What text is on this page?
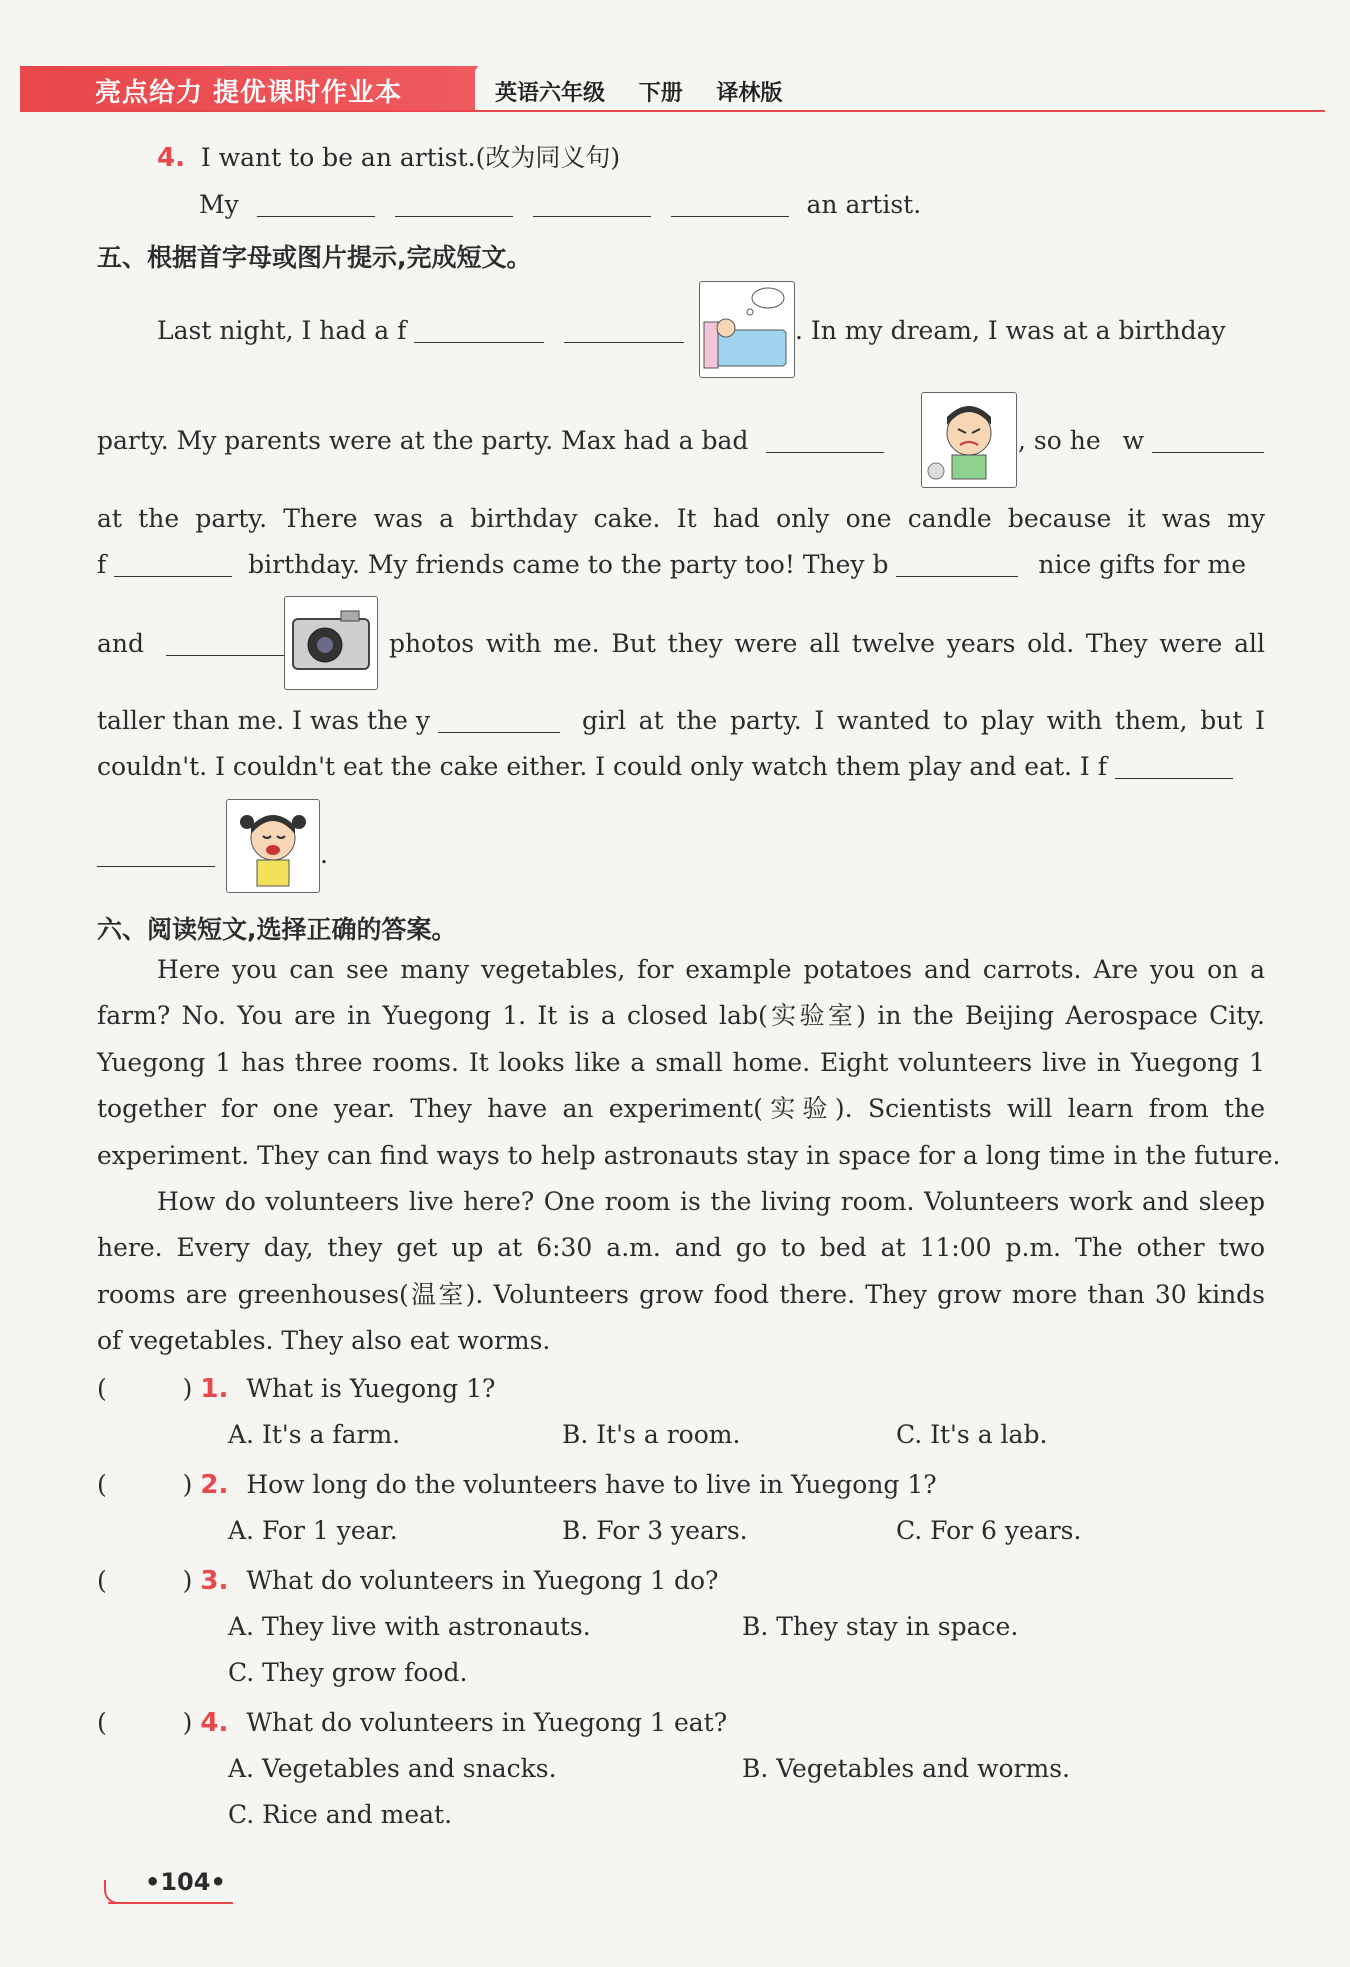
亮点给力 提优课时作业本	英语六年级 下册 译林版
4. I want to be an artist.(改为同义句)
My	an artist.
五、根据首字母或图片提示,完成短文。
Last night, I had a f	. In my dream, I was at a birthday
party. My parents were at the party. Max had a bad	, so he w
at the party. There was a birthday cake. It had only one candle because it was my
f	birthday. My friends came to the party too! They b	nice gifts for me
and	photos with me. But they were all twelve years old. They were all
taller than me. I was the y	girl at the party. I wanted to play with them, but I
couldn't. I couldn't eat the cake either. I could only watch them play and eat. I f
.
六、阅读短文,选择正确的答案。
Here you can see many vegetables, for example potatoes and carrots. Are you on a
farm? No. You are in Yuegong 1. It is a closed lab(实验室) in the Beijing Aerospace City.
Yuegong 1 has three rooms. It looks like a small home. Eight volunteers live in Yuegong 1
together for one year. They have an experiment(实验). Scientists will learn from the
experiment. They can find ways to help astronauts stay in space for a long time in the future.
How do volunteers live here? One room is the living room. Volunteers work and sleep
here. Every day, they get up at 6:30 a.m. and go to bed at 11:00 p.m. The other two
rooms are greenhouses(温室). Volunteers grow food there. They grow more than 30 kinds
of vegetables. They also eat worms.
(	) 1. What is Yuegong 1?
A. It's a farm.	B. It's a room.	C. It's a lab.
(	) 2. How long do the volunteers have to live in Yuegong 1?
A. For 1 year.	B. For 3 years.	C. For 6 years.
(	) 3. What do volunteers in Yuegong 1 do?
A. They live with astronauts.	B. They stay in space.
C. They grow food.
(	) 4. What do volunteers in Yuegong 1 eat?
A. Vegetables and snacks.	B. Vegetables and worms.
C. Rice and meat.
•104•
